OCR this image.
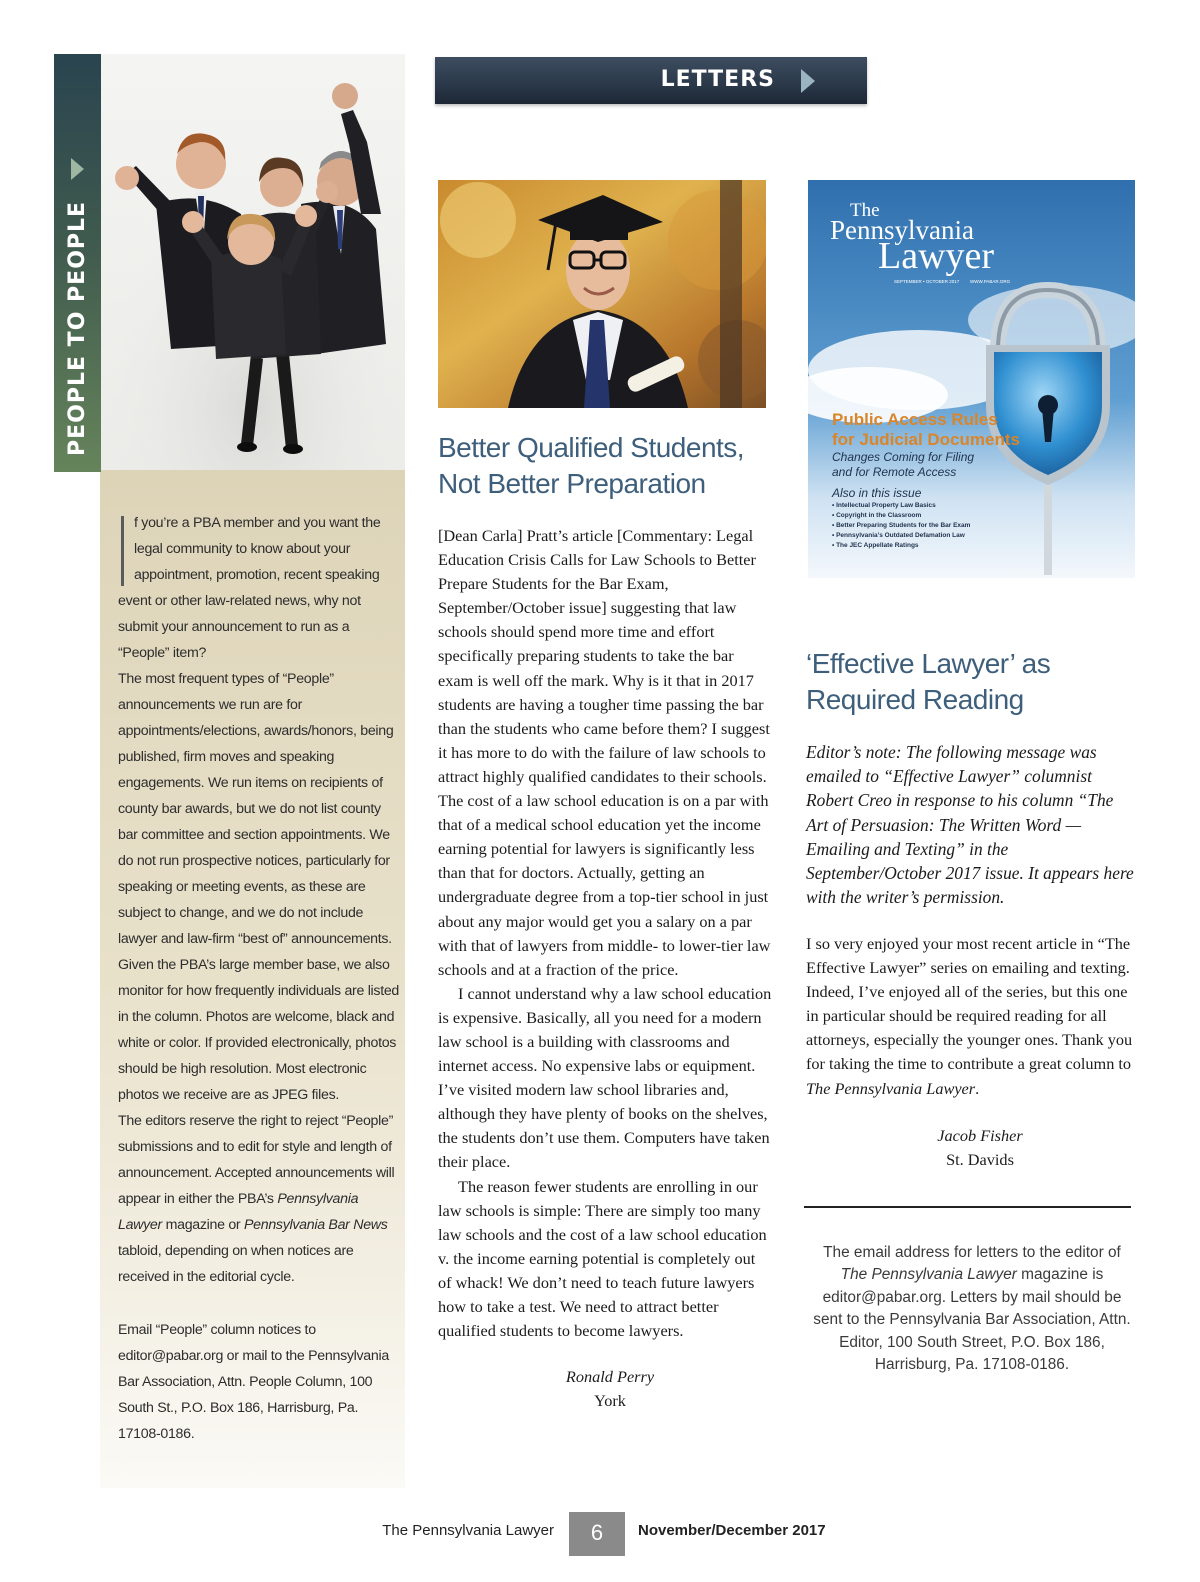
PEOPLE TO PEOPLE
f you’re a PBA member and you want the legal community to know about your appointment, promotion, recent speaking event or other law-related news, why not submit your announcement to run as a “People” item?
The most frequent types of “People” announcements we run are for appointments/elections, awards/honors, being published, firm moves and speaking engagements. We run items on recipients of county bar awards, but we do not list county bar committee and section appointments. We do not run prospective notices, particularly for speaking or meeting events, as these are subject to change, and we do not include lawyer and law-firm “best of” announcements. Given the PBA’s large member base, we also monitor for how frequently individuals are listed in the column. Photos are welcome, black and white or color. If provided electronically, photos should be high resolution. Most electronic photos we receive are as JPEG files.
The editors reserve the right to reject “People” submissions and to edit for style and length of announcement. Accepted announcements will appear in either the PBA’s Pennsylvania Lawyer magazine or Pennsylvania Bar News tabloid, depending on when notices are received in the editorial cycle.
Email “People” column notices to editor@pabar.org or mail to the Pennsylvania Bar Association, Attn. People Column, 100 South St., P.O. Box 186, Harrisburg, Pa. 17108-0186.
LETTERS
Better Qualified Students,
Not Better Preparation

[Dean Carla] Pratt’s article [Commentary: Legal Education Crisis Calls for Law Schools to Better Prepare Students for the Bar Exam, September/October issue] suggesting that law schools should spend more time and effort specifically preparing students to take the bar exam is well off the mark. Why is it that in 2017 students are having a tougher time passing the bar than the students who came before them? I suggest it has more to do with the failure of law schools to attract highly qualified candidates to their schools. The cost of a law school education is on a par with that of a medical school education yet the income earning potential for lawyers is significantly less than that for doctors. Actually, getting an undergraduate degree from a top-tier school in just about any major would get you a salary on a par with that of lawyers from middle- to lower-tier law schools and at a fraction of the price.

I cannot understand why a law school education is expensive. Basically, all you need for a modern law school is a building with classrooms and internet access. No expensive labs or equipment. I’ve visited modern law school libraries and, although they have plenty of books on the shelves, the students don’t use them. Computers have taken their place.

The reason fewer students are enrolling in our law schools is simple: There are simply too many law schools and the cost of a law school education v. the income earning potential is completely out of whack! We don’t need to teach future lawyers how to take a test. We need to attract better qualified students to become lawyers.

Ronald Perry
York
The
Pennsylvania
Lawyer
SEPTEMBER • OCTOBER 2017 WWW.PABAR.ORG
Public Access Rules
for Judicial Documents
Changes Coming for Filing
and for Remote Access
Also in this issue
• Intellectual Property Law Basics
• Copyright in the Classroom
• Better Preparing Students for the Bar Exam
• Pennsylvania’s Outdated Defamation Law
• The JEC Appellate Ratings
‘Effective Lawyer’ as
Required Reading
Editor’s note: The following message was emailed to “Effective Lawyer” columnist Robert Creo in response to his column “The Art of Persuasion: The Written Word — Emailing and Texting” in the September/October 2017 issue. It appears here with the writer’s permission.
I so very enjoyed your most recent article in “The Effective Lawyer” series on emailing and texting. Indeed, I’ve enjoyed all of the series, but this one in particular should be required reading for all attorneys, especially the younger ones. Thank you for taking the time to contribute a great column to The Pennsylvania Lawyer.
Jacob Fisher
St. Davids
The email address for letters to the editor of The Pennsylvania Lawyer magazine is editor@pabar.org. Letters by mail should be sent to the Pennsylvania Bar Association, Attn. Editor, 100 South Street, P.O. Box 186, Harrisburg, Pa. 17108-0186.
The Pennsylvania Lawyer	6	November/December 2017
